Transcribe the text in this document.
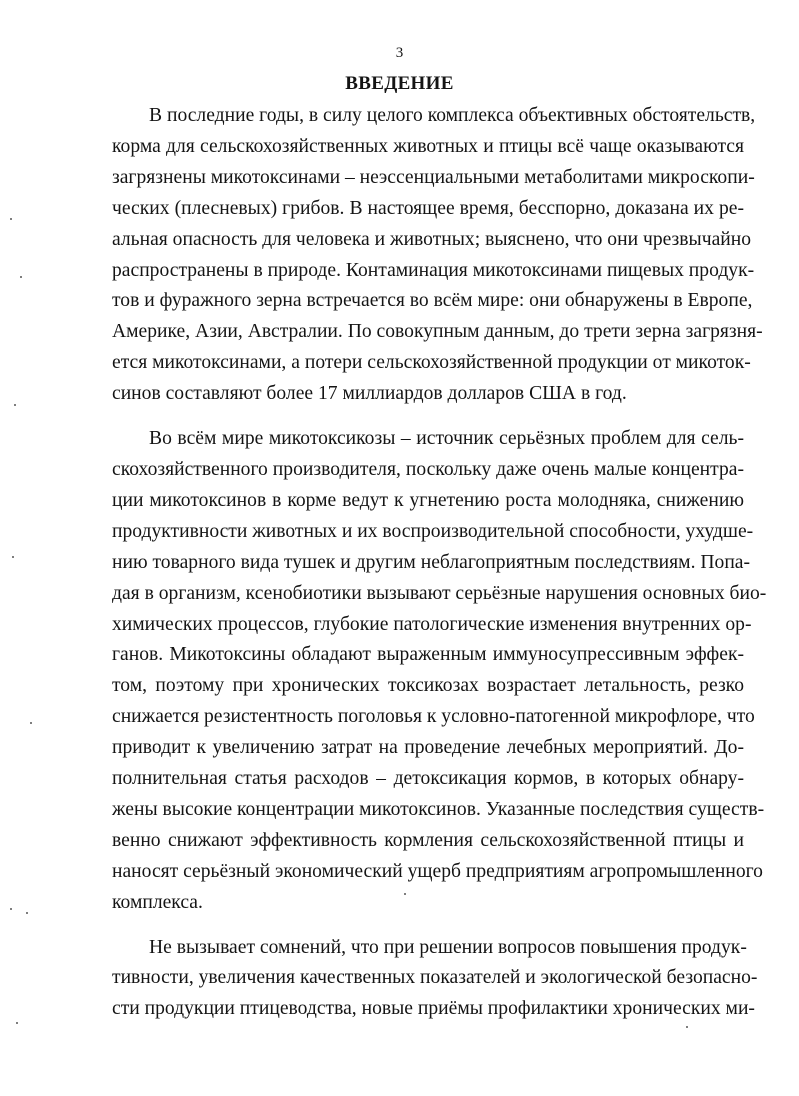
3
ВВЕДЕНИЕ

В последние годы, в силу целого комплекса объективных обстоятельств,
корма для сельскохозяйственных животных и птицы всё чаще оказываются
загрязнены микотоксинами – неэссенциальными метаболитами микроскопи-
ческих (плесневых) грибов. В настоящее время, бесспорно, доказана их ре-
альная опасность для человека и животных; выяснено, что они чрезвычайно
распространены в природе. Контаминация микотоксинами пищевых продук-
тов и фуражного зерна встречается во всём мире: они обнаружены в Европе,
Америке, Азии, Австралии. По совокупным данным, до трети зерна загрязня-
ется микотоксинами, а потери сельскохозяйственной продукции от микоток-
синов составляют более 17 миллиардов долларов США в год.

Во всём мире микотоксикозы – источник серьёзных проблем для сель-
скохозяйственного производителя, поскольку даже очень малые концентра-
ции микотоксинов в корме ведут к угнетению роста молодняка, снижению
продуктивности животных и их воспроизводительной способности, ухудше-
нию товарного вида тушек и другим неблагоприятным последствиям. Попа-
дая в организм, ксенобиотики вызывают серьёзные нарушения основных био-
химических процессов, глубокие патологические изменения внутренних ор-
ганов. Микотоксины обладают выраженным иммуносупрессивным эффек-
том, поэтому при хронических токсикозах возрастает летальность, резко
снижается резистентность поголовья к условно-патогенной микрофлоре, что
приводит к увеличению затрат на проведение лечебных мероприятий. До-
полнительная статья расходов – детоксикация кормов, в которых обнару-
жены высокие концентрации микотоксинов. Указанные последствия существ-
венно снижают эффективность кормления сельскохозяйственной птицы и
наносят серьёзный экономический ущерб предприятиям агропромышленного
комплекса.

Не вызывает сомнений, что при решении вопросов повышения продук-
тивности, увеличения качественных показателей и экологической безопасно-
сти продукции птицеводства, новые приёмы профилактики хронических ми-
